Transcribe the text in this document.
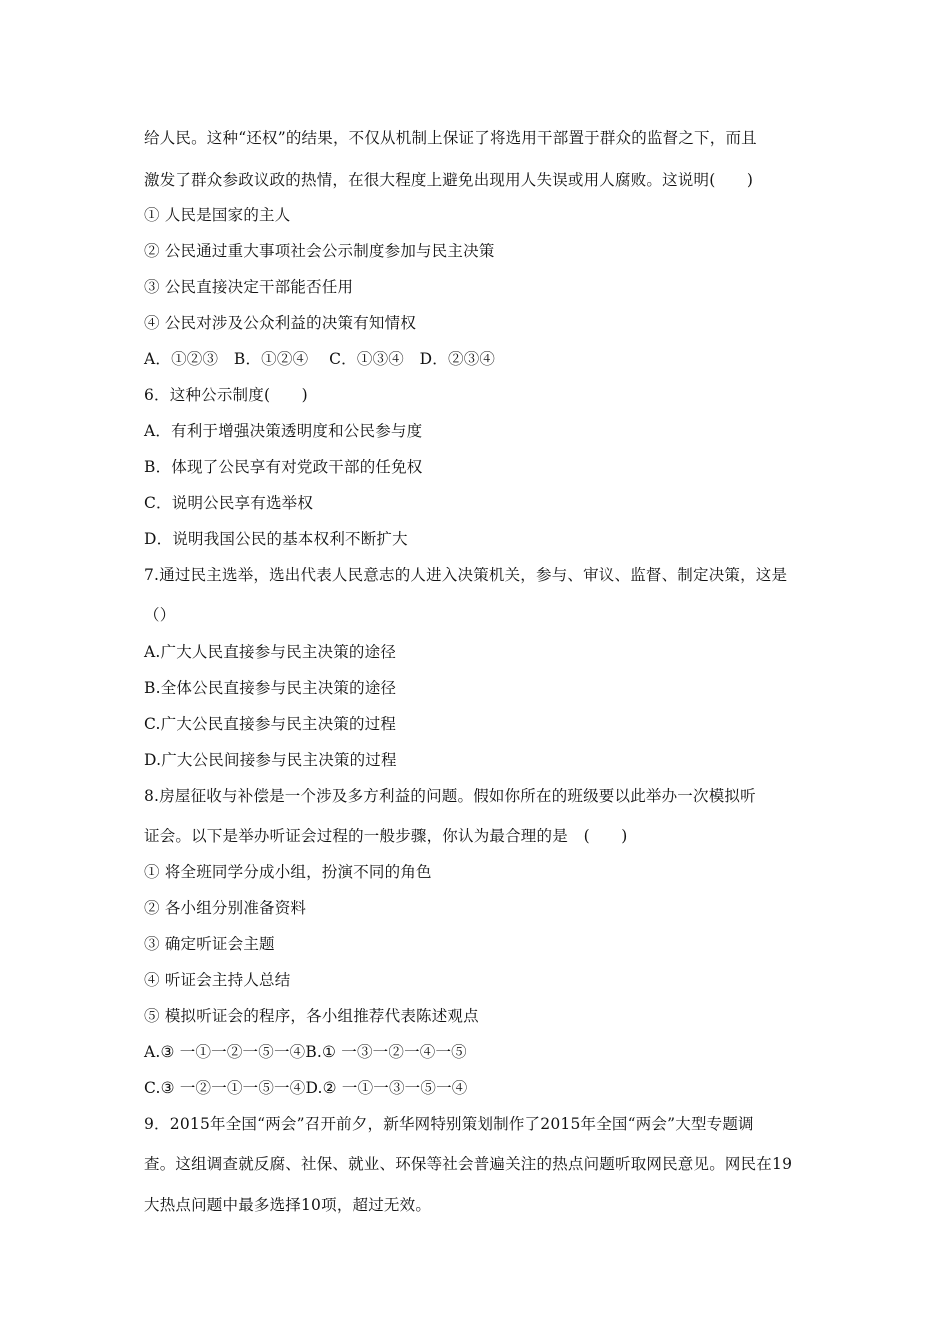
给人民。这种“还权”的结果，不仅从机制上保证了将选用干部置于群众的监督之下，而且
激发了群众参政议政的热情，在很大程度上避免出现用人失误或用人腐败。这说明(　　)
① 人民是国家的主人
② 公民通过重大事项社会公示制度参加与民主决策
③ 公民直接决定干部能否任用
④ 公民对涉及公众利益的决策有知情权
A．①②③　B．①②④　 C．①③④　D．②③④
6．这种公示制度(　　)
A．有利于增强决策透明度和公民参与度
B．体现了公民享有对党政干部的任免权
C．说明公民享有选举权
D．说明我国公民的基本权利不断扩大
7.通过民主选举，选出代表人民意志的人进入决策机关，参与、审议、监督、制定决策，这是
（）
A.广大人民直接参与民主决策的途径
B.全体公民直接参与民主决策的途径
C.广大公民直接参与民主决策的过程
D.广大公民间接参与民主决策的过程
8.房屋征收与补偿是一个涉及多方利益的问题。假如你所在的班级要以此举办一次模拟听
证会。以下是举办听证会过程的一般步骤，你认为最合理的是　(　　)
① 将全班同学分成小组，扮演不同的角色
② 各小组分别准备资料
③ 确定听证会主题
④ 听证会主持人总结
⑤ 模拟听证会的程序，各小组推荐代表陈述观点
A.③ 一①一②一⑤一④B.① 一③一②一④一⑤
C.③ 一②一①一⑤一④D.② 一①一③一⑤一④
9．2015年全国“两会”召开前夕，新华网特别策划制作了2015年全国“两会”大型专题调
查。这组调查就反腐、社保、就业、环保等社会普遍关注的热点问题听取网民意见。网民在19
大热点问题中最多选择10项，超过无效。
